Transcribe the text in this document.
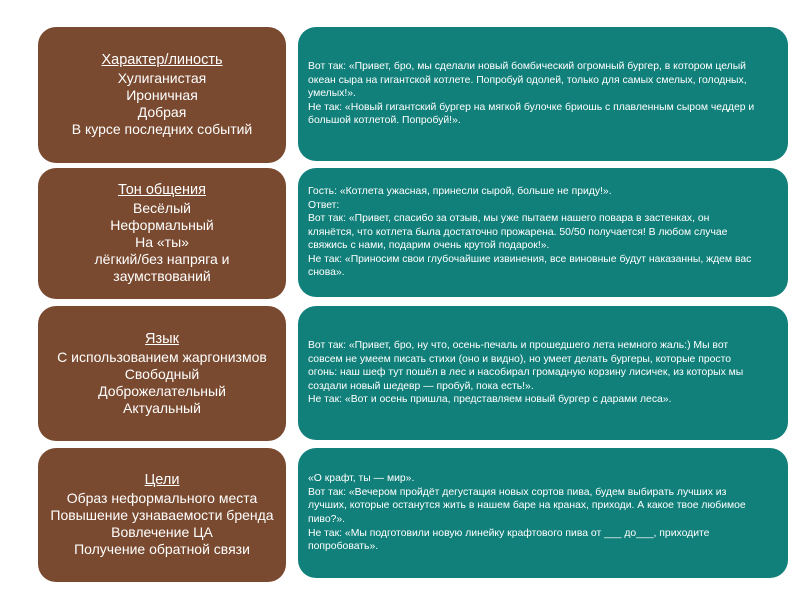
Характер/линость
Хулиганистая
Ироничная
Добрая
В курсе последних событий

Вот так: «Привет, бро, мы сделали новый бомбический огромный бургер, в котором целый

океан сыра на гигантской котлете. Попробуй одолей, только для самых смелых, голодных,

умелых!».

Не так: «Новый гигантский бургер на мягкой булочке бриошь с плавленным сыром чеддер и

большой котлетой. Попробуй!».

Тон общения
Весёлый
Неформальный
На «ты»
лёгкий/без напряга и заумствований

Гость: «Котлета ужасная, принесли сырой, больше не приду!».

Ответ:

Вот так: «Привет, спасибо за отзыв, мы уже пытаем нашего повара в застенках, он

клянётся, что котлета была достаточно прожарена. 50/50 получается! В любом случае

свяжись с нами, подарим очень крутой подарок!».

Не так: «Приносим свои глубочайшие извинения, все виновные будут наказанны, ждем вас

снова».

Язык
С использованием жаргонизмов
Свободный
Доброжелательный
Актуальный

Вот так: «Привет, бро, ну что, осень-печаль и прошедшего лета немного жаль:) Мы вот

совсем не умеем писать стихи (оно и видно), но умеет делать бургеры, которые просто

огонь: наш шеф тут пошёл в лес и насобирал громадную корзину лисичек, из которых мы

создали новый шедевр — пробуй, пока есть!».

Не так: «Вот и осень пришла, представляем новый бургер с дарами леса».

Цели
Образ неформального места
Повышение узнаваемости бренда
Вовлечение ЦА
Получение обратной связи

«О крафт, ты — мир».

Вот так: «Вечером пройдёт дегустация новых сортов пива, будем выбирать лучших из

лучших, которые останутся жить в нашем баре на кранах, приходи. А какое твое любимое

пиво?».

Не так: «Мы подготовили новую линейку крафтового пива от ___ до___, приходите

попробовать».
